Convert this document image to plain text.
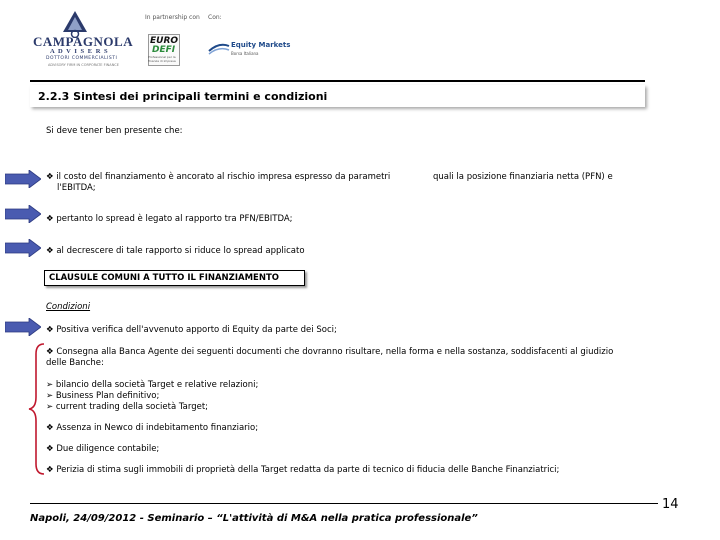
In partnership con Con:
CAMPAGNOLA
A D V I S E R S
DOTTORI COMMERCIALISTI
ADVISORY FIRM IN CORPORATE FINANCE
EURO
DEFI
Professional per la finanza di impresa
Equity Markets
Borsa Italiana
2.2.3 Sintesi dei principali termini e condizioni
Si deve tener ben presente che:
❖ il costo del finanziamento è ancorato al rischio impresa espresso da parametri	quali la posizione finanziaria netta (PFN) e
l'EBITDA;
❖ pertanto lo spread è legato al rapporto tra PFN/EBITDA;
❖ al decrescere di tale rapporto si riduce lo spread applicato
CLAUSULE COMUNI A TUTTO IL FINANZIAMENTO
Condizioni
❖ Positiva verifica dell'avvenuto apporto di Equity da parte dei Soci;
❖ Consegna alla Banca Agente dei seguenti documenti che dovranno risultare, nella forma e nella sostanza, soddisfacenti al giudizio
delle Banche:
➢ bilancio della società Target e relative relazioni;
➢ Business Plan definitivo;
➢ current trading della società Target;
❖ Assenza in Newco di indebitamento finanziario;
❖ Due diligence contabile;
❖ Perizia di stima sugli immobili di proprietà della Target redatta da parte di tecnico di fiducia delle Banche Finanziatrici;
14
Napoli, 24/09/2012 - Seminario – “L'attività di M&A nella pratica professionale”
